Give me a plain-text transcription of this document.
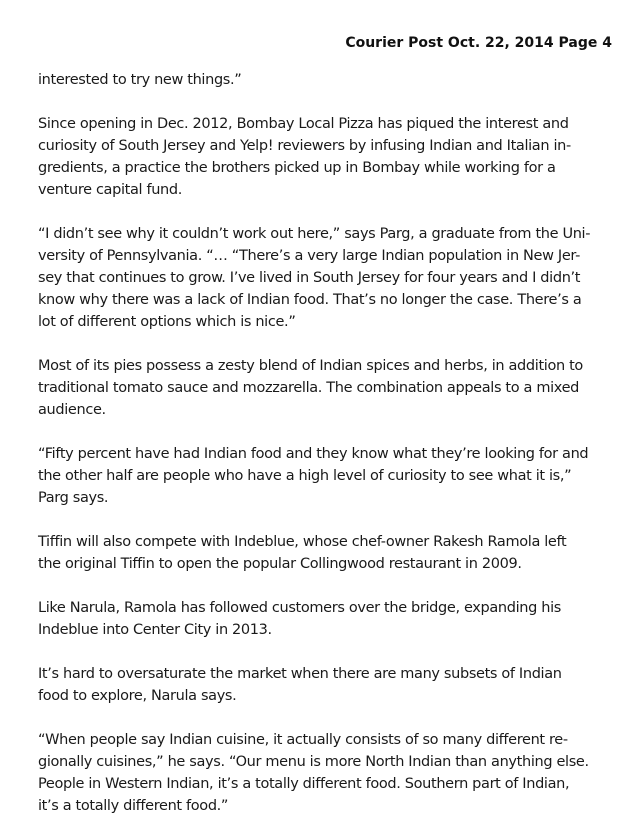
Courier Post Oct. 22, 2014 Page 4

interested to try new things.”

Since opening in Dec. 2012, Bombay Local Pizza has piqued the interest and
curiosity of South Jersey and Yelp! reviewers by infusing Indian and Italian in-
gredients, a practice the brothers picked up in Bombay while working for a
venture capital fund.

“I didn’t see why it couldn’t work out here,” says Parg, a graduate from the Uni-
versity of Pennsylvania. “… “There’s a very large Indian population in New Jer-
sey that continues to grow. I’ve lived in South Jersey for four years and I didn’t
know why there was a lack of Indian food. That’s no longer the case. There’s a
lot of different options which is nice.”

Most of its pies possess a zesty blend of Indian spices and herbs, in addition to
traditional tomato sauce and mozzarella. The combination appeals to a mixed
audience.

“Fifty percent have had Indian food and they know what they’re looking for and
the other half are people who have a high level of curiosity to see what it is,”
Parg says.

Tiffin will also compete with Indeblue, whose chef-owner Rakesh Ramola left
the original Tiffin to open the popular Collingwood restaurant in 2009.

Like Narula, Ramola has followed customers over the bridge, expanding his
Indeblue into Center City in 2013.

It’s hard to oversaturate the market when there are many subsets of Indian
food to explore, Narula says.

“When people say Indian cuisine, it actually consists of so many different re-
gionally cuisines,” he says. “Our menu is more North Indian than anything else.
People in Western Indian, it’s a totally different food. Southern part of Indian,
it’s a totally different food.”
